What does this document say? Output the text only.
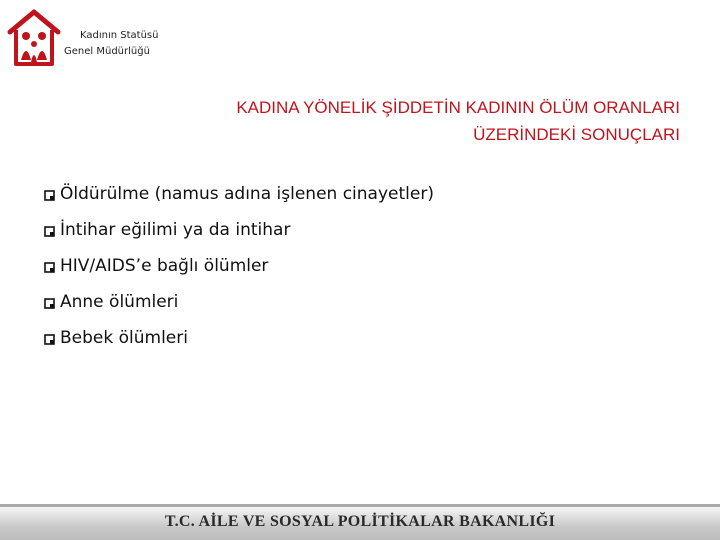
Kadının Statüsü
Genel Müdürlüğü
KADINA YÖNELİK ŞİDDETİN KADININ ÖLÜM ORANLARI
ÜZERİNDEKİ SONUÇLARI
Öldürülme (namus adına işlenen cinayetler)
İntihar eğilimi ya da intihar
HIV/AIDS’e bağlı ölümler
Anne ölümleri
Bebek ölümleri
T.C. AİLE VE SOSYAL POLİTİKALAR BAKANLIĞI
